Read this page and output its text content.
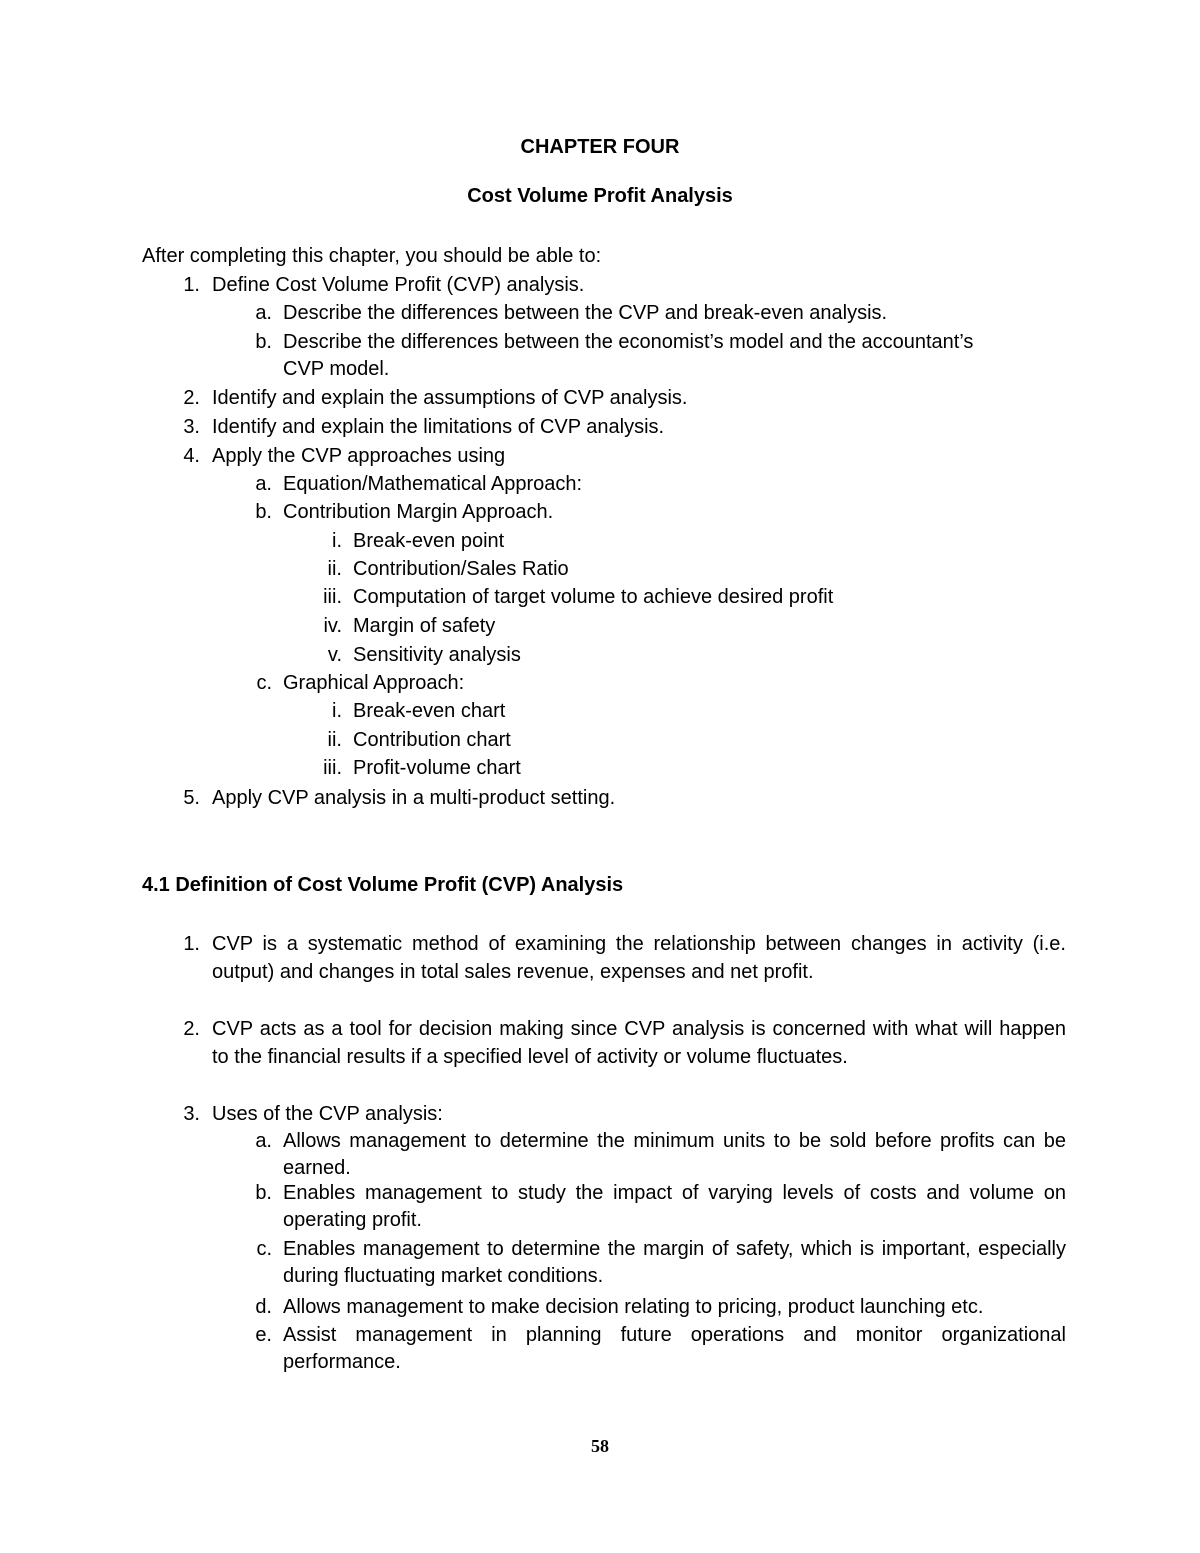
CHAPTER FOUR
Cost Volume Profit Analysis
After completing this chapter, you should be able to:
1. Define Cost Volume Profit (CVP) analysis.
a. Describe the differences between the CVP and break-even analysis.
b. Describe the differences between the economist’s model and the accountant’s
CVP model.
2. Identify and explain the assumptions of CVP analysis.
3. Identify and explain the limitations of CVP analysis.
4. Apply the CVP approaches using
a. Equation/Mathematical Approach:
b. Contribution Margin Approach.
i. Break-even point
ii. Contribution/Sales Ratio
iii. Computation of target volume to achieve desired profit
iv. Margin of safety
v. Sensitivity analysis
c. Graphical Approach:
i. Break-even chart
ii. Contribution chart
iii. Profit-volume chart
5. Apply CVP analysis in a multi-product setting.
4.1 Definition of Cost Volume Profit (CVP) Analysis
1. CVP is a systematic method of examining the relationship between changes in activity (i.e. output) and changes in total sales revenue, expenses and net profit.
2. CVP acts as a tool for decision making since CVP analysis is concerned with what will happen to the financial results if a specified level of activity or volume fluctuates.
3. Uses of the CVP analysis:
a. Allows management to determine the minimum units to be sold before profits can be earned.
b. Enables management to study the impact of varying levels of costs and volume on operating profit.
c. Enables management to determine the margin of safety, which is important, especially during fluctuating market conditions.
d. Allows management to make decision relating to pricing, product launching etc.
e. Assist management in planning future operations and monitor organizational performance.
58
